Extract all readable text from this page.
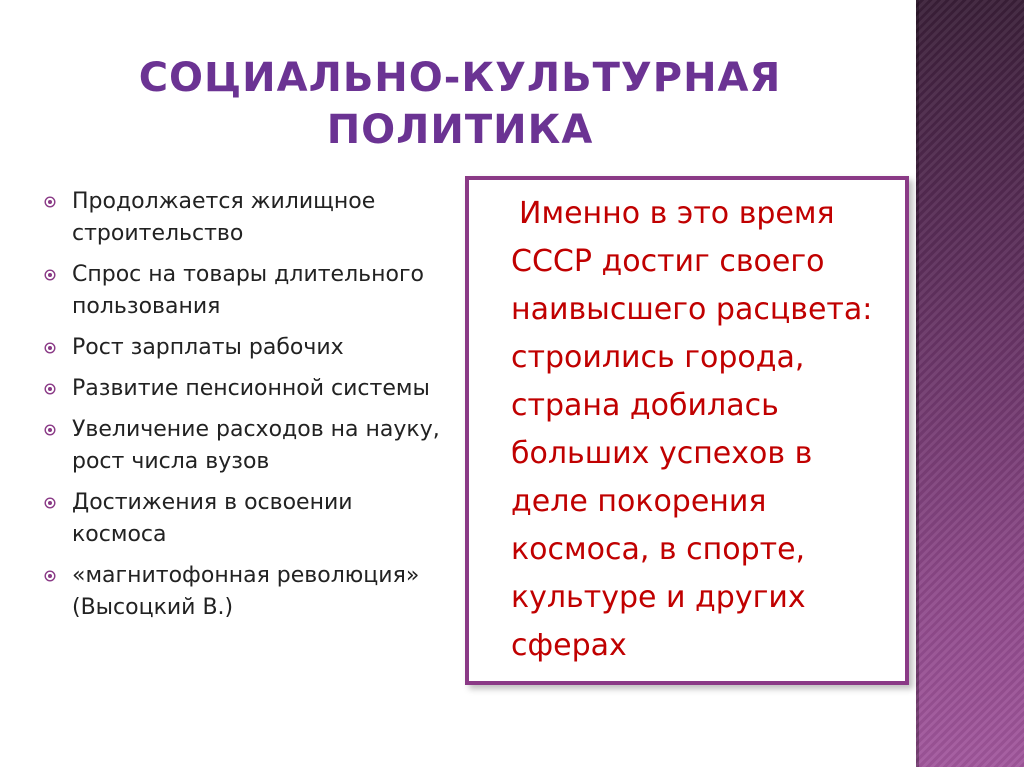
СОЦИАЛЬНО-КУЛЬТУРНАЯ
ПОЛИТИКА
Продолжается жилищное строительство
Спрос на товары длительного пользования
Рост зарплаты рабочих
Развитие пенсионной системы
Увеличение расходов на науку, рост числа вузов
Достижения в освоении космоса
«магнитофонная революция» (Высоцкий В.)

Именно в это время СССР достиг своего наивысшего расцвета: строились города, страна добилась больших успехов в деле покорения космоса, в спорте, культуре и других сферах
